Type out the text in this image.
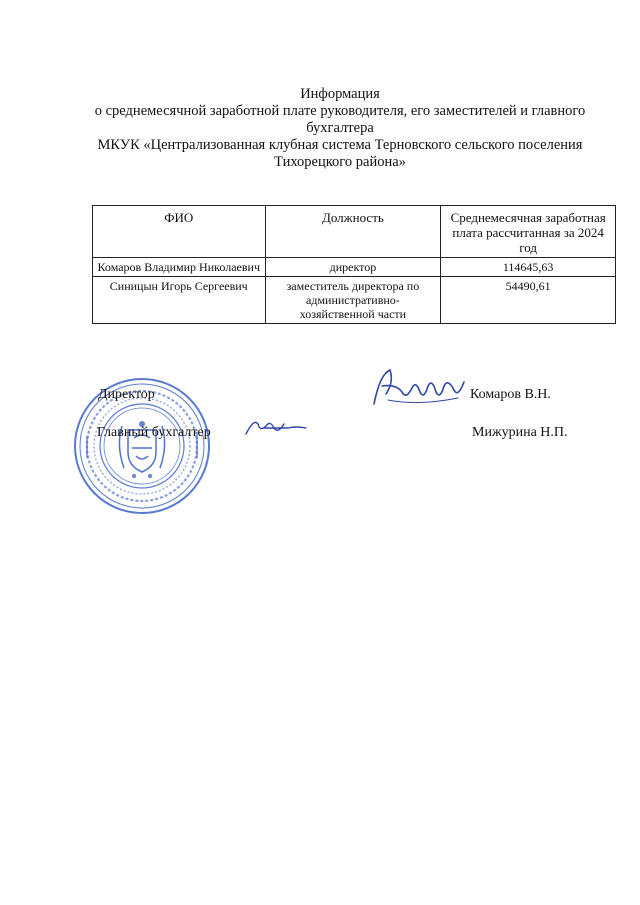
Информация
о среднемесячной заработной плате руководителя, его заместителей и главного бухгалтера
МКУК «Централизованная клубная система Терновского сельского поселения Тихорецкого района»
ФИО	Должность	Среднемесячная заработная плата рассчитанная за 2024 год
Комаров Владимир Николаевич	директор	114645,63
Синицын Игорь Сергеевич	заместитель директора по административно-хозяйственной части	54490,61
Директор	Комаров В.Н.
Главный бухгалтер	Мижурина Н.П.
